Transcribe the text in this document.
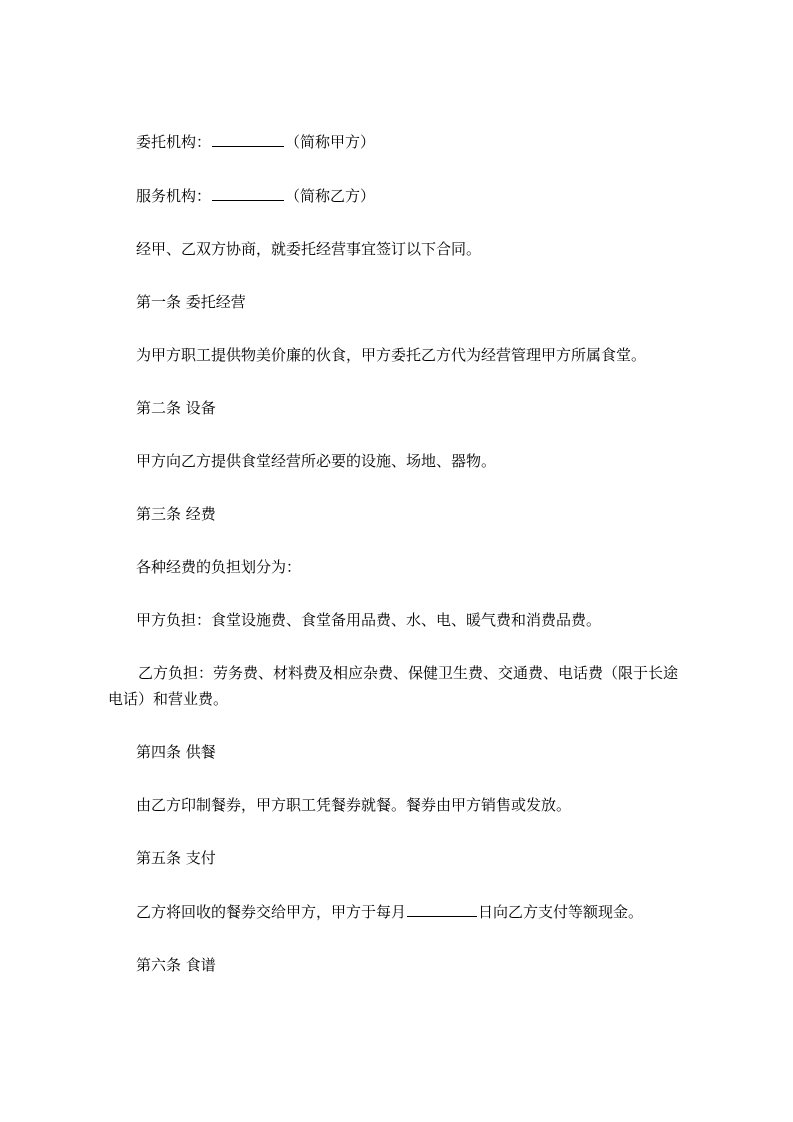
委托机构：	（简称甲方）

服务机构：	（简称乙方）

经甲、乙双方协商，就委托经营事宜签订以下合同。

第一条 委托经营

为甲方职工提供物美价廉的伙食，甲方委托乙方代为经营管理甲方所属食堂。

第二条 设备

甲方向乙方提供食堂经营所必要的设施、场地、器物。

第三条 经费

各种经费的负担划分为：

甲方负担：食堂设施费、食堂备用品费、水、电、暖气费和消费品费。

乙方负担：劳务费、材料费及相应杂费、保健卫生费、交通费、电话费（限于长途电话）和营业费。

第四条 供餐

由乙方印制餐券，甲方职工凭餐券就餐。餐券由甲方销售或发放。

第五条 支付

乙方将回收的餐券交给甲方，甲方于每月	日向乙方支付等额现金。

第六条 食谱
